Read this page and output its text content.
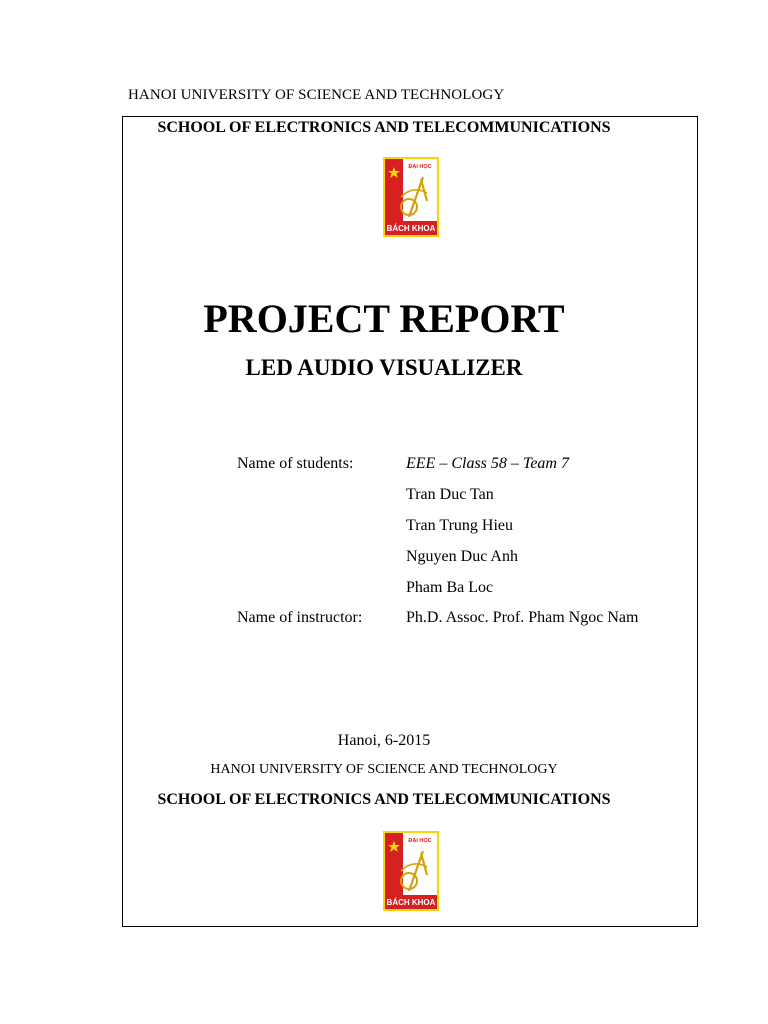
HANOI UNIVERSITY OF SCIENCE AND TECHNOLOGY
SCHOOL OF ELECTRONICS AND TELECOMMUNICATIONS
ĐẠI HỌC
BÁCH KHOA
PROJECT REPORT
LED AUDIO VISUALIZER
Name of students:	EEE – Class 58 – Team 7
Tran Duc Tan
Tran Trung Hieu
Nguyen Duc Anh
Pham Ba Loc
Name of instructor:	Ph.D. Assoc. Prof. Pham Ngoc Nam
Hanoi, 6-2015
HANOI UNIVERSITY OF SCIENCE AND TECHNOLOGY
SCHOOL OF ELECTRONICS AND TELECOMMUNICATIONS
ĐẠI HỌC
BÁCH KHOA
